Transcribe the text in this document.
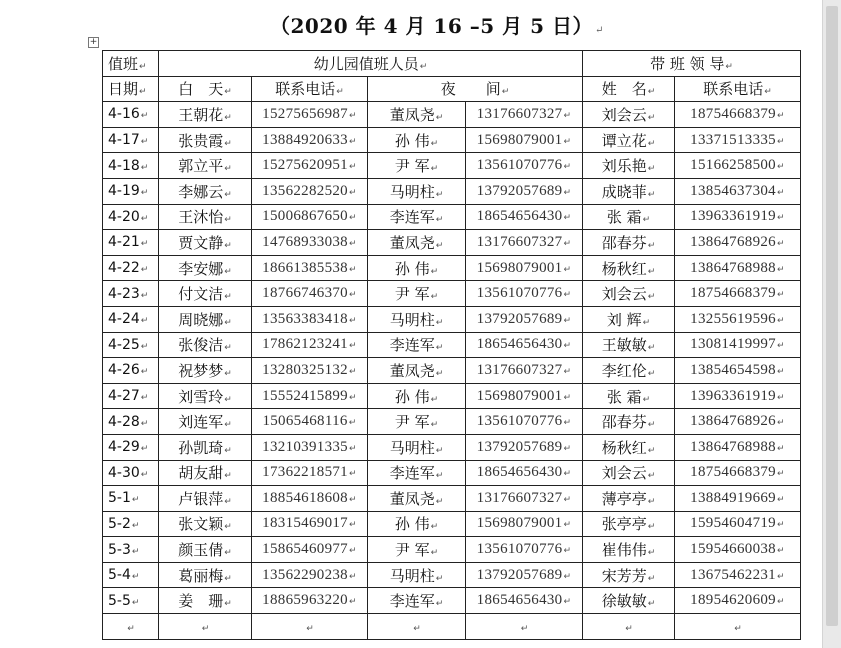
（2020 年 4 月 16 –5 月 5 日） ↵
+
值班↵	幼儿园值班人员↵				带 班 领 导↵	
日期↵	白　天↵	联系电话↵	夜　　间↵		姓　名↵	联系电话↵
4-16↵	王朝花↵	15275656987↵	董凤尧↵	13176607327↵	刘会云↵	18754668379↵
4-17↵	张贵霞↵	13884920633↵	孙 伟↵	15698079001↵	谭立花↵	13371513335↵
4-18↵	郭立平↵	15275620951↵	尹 军↵	13561070776↵	刘乐艳↵	15166258500↵
4-19↵	李娜云↵	13562282520↵	马明柱↵	13792057689↵	成晓菲↵	13854637304↵
4-20↵	王沐怡↵	15006867650↵	李连军↵	18654656430↵	张 霜↵	13963361919↵
4-21↵	贾文静↵	14768933038↵	董凤尧↵	13176607327↵	邵春芬↵	13864768926↵
4-22↵	李安娜↵	18661385538↵	孙 伟↵	15698079001↵	杨秋红↵	13864768988↵
4-23↵	付文洁↵	18766746370↵	尹 军↵	13561070776↵	刘会云↵	18754668379↵
4-24↵	周晓娜↵	13563383418↵	马明柱↵	13792057689↵	刘 辉↵	13255619596↵
4-25↵	张俊洁↵	17862123241↵	李连军↵	18654656430↵	王敏敏↵	13081419997↵
4-26↵	祝梦梦↵	13280325132↵	董凤尧↵	13176607327↵	李红伦↵	13854654598↵
4-27↵	刘雪玲↵	15552415899↵	孙 伟↵	15698079001↵	张 霜↵	13963361919↵
4-28↵	刘连军↵	15065468116↵	尹 军↵	13561070776↵	邵春芬↵	13864768926↵
4-29↵	孙凯琦↵	13210391335↵	马明柱↵	13792057689↵	杨秋红↵	13864768988↵
4-30↵	胡友甜↵	17362218571↵	李连军↵	18654656430↵	刘会云↵	18754668379↵
5-1↵	卢银萍↵	18854618608↵	董凤尧↵	13176607327↵	薄亭亭↵	13884919669↵
5-2↵	张文颖↵	18315469017↵	孙 伟↵	15698079001↵	张亭亭↵	15954604719↵
5-3↵	颜玉倩↵	15865460977↵	尹 军↵	13561070776↵	崔伟伟↵	15954660038↵
5-4↵	葛丽梅↵	13562290238↵	马明柱↵	13792057689↵	宋芳芳↵	13675462231↵
5-5↵	姜　珊↵	18865963220↵	李连军↵	18654656430↵	徐敏敏↵	18954620609↵
↵	↵	↵	↵	↵	↵	↵
